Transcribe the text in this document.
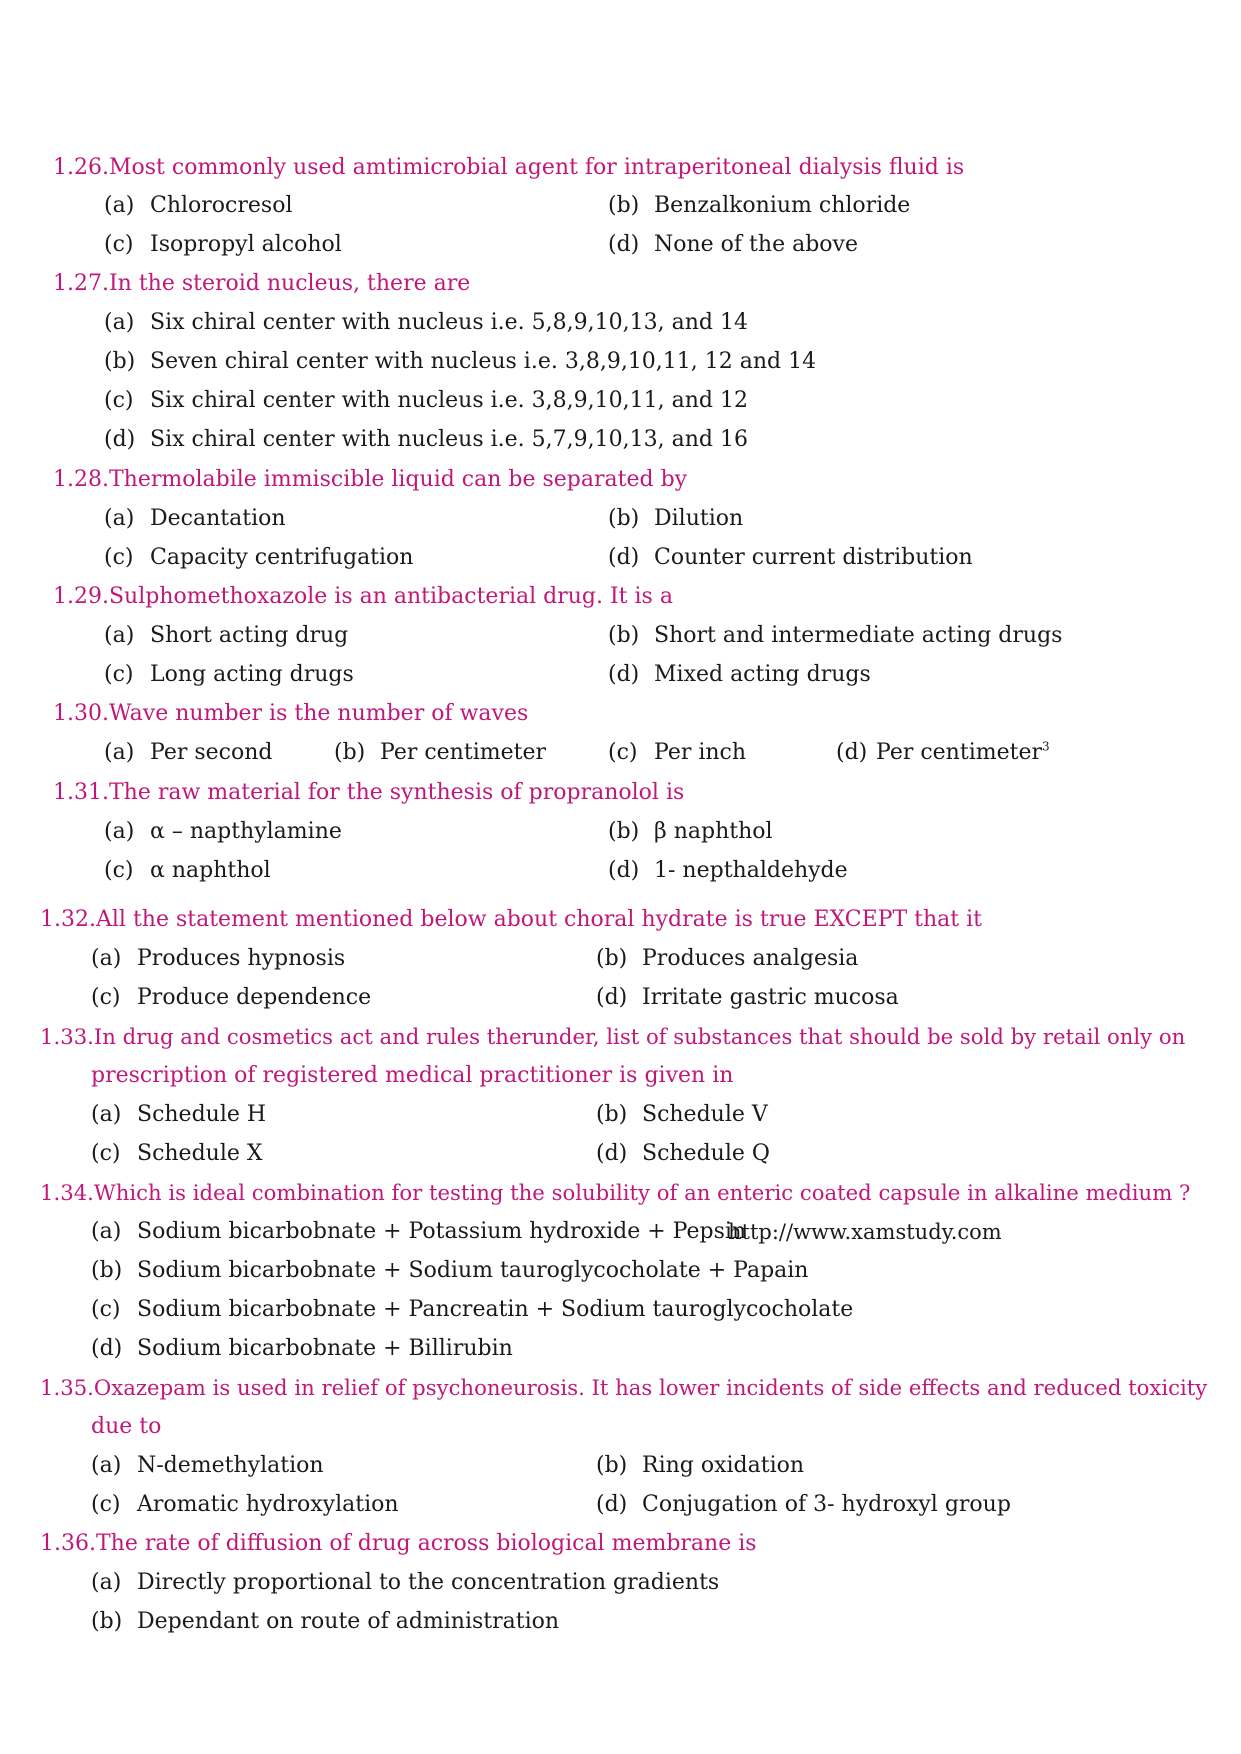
1.26.Most commonly used amtimicrobial agent for intraperitoneal dialysis fluid is
(a) Chlorocresol	(b) Benzalkonium chloride
(c) Isopropyl alcohol	(d) None of the above
1.27.In the steroid nucleus, there are
(a) Six chiral center with nucleus i.e. 5,8,9,10,13, and 14
(b) Seven chiral center with nucleus i.e. 3,8,9,10,11, 12 and 14
(c) Six chiral center with nucleus i.e. 3,8,9,10,11, and 12
(d) Six chiral center with nucleus i.e. 5,7,9,10,13, and 16
1.28.Thermolabile immiscible liquid can be separated by
(a) Decantation	(b) Dilution
(c) Capacity centrifugation	(d) Counter current distribution
1.29.Sulphomethoxazole is an antibacterial drug. It is a
(a) Short acting drug	(b) Short and intermediate acting drugs
(c) Long acting drugs	(d) Mixed acting drugs
1.30.Wave number is the number of waves
(a) Per second	(b) Per centimeter	(c) Per inch	(d) Per centimeter$^3$
1.31.The raw material for the synthesis of propranolol is
(a) α – napthylamine	(b) β naphthol
(c) α naphthol	(d) 1- nepthaldehyde
1.32.All the statement mentioned below about choral hydrate is true EXCEPT that it
(a) Produces hypnosis	(b) Produces analgesia
(c) Produce dependence	(d) Irritate gastric mucosa
1.33.In drug and cosmetics act and rules therunder, list of substances that should be sold by retail only on
prescription of registered medical practitioner is given in
(a) Schedule H	(b) Schedule V
(c) Schedule X	(d) Schedule Q
1.34.Which is ideal combination for testing the solubility of an enteric coated capsule in alkaline medium ?
(a) Sodium bicarbobnate + Potassium hydroxide + Pepsin
http://www.xamstudy.com
(b) Sodium bicarbobnate + Sodium tauroglycocholate + Papain
(c) Sodium bicarbobnate + Pancreatin + Sodium tauroglycocholate
(d) Sodium bicarbobnate + Billirubin
1.35.Oxazepam is used in relief of psychoneurosis. It has lower incidents of side effects and reduced toxicity
due to
(a) N-demethylation	(b) Ring oxidation
(c) Aromatic hydroxylation	(d) Conjugation of 3- hydroxyl group
1.36.The rate of diffusion of drug across biological membrane is
(a) Directly proportional to the concentration gradients
(b) Dependant on route of administration
